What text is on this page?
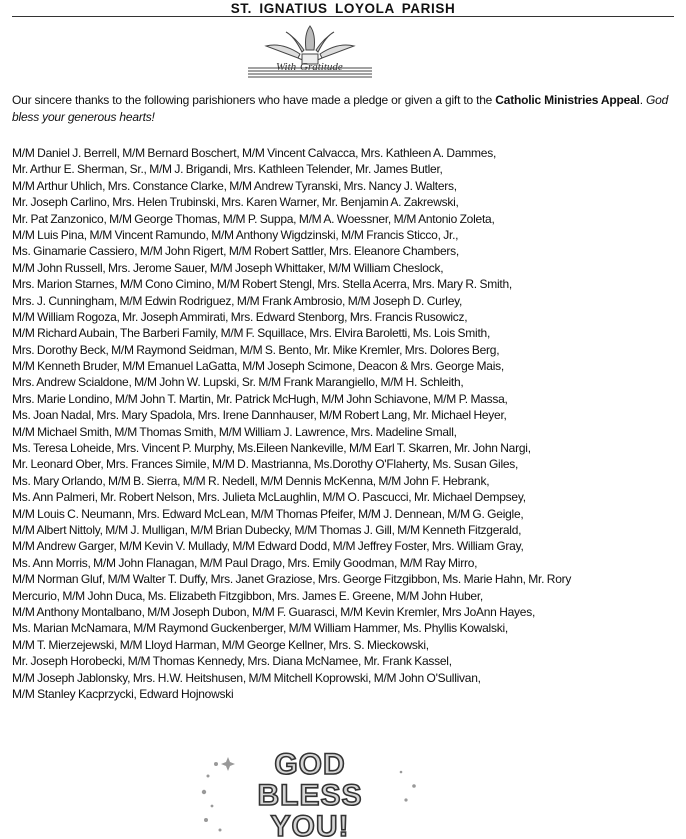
ST. IGNATIUS LOYOLA PARISH
With Gratitude
Our sincere thanks to the following parishioners who have made a pledge or given a gift to the Catholic Ministries Appeal. God bless your generous hearts!
M/M Daniel J. Berrell, M/M Bernard Boschert, M/M Vincent Calvacca, Mrs. Kathleen A. Dammes,
Mr. Arthur E. Sherman, Sr., M/M J. Brigandi, Mrs. Kathleen Telender, Mr. James Butler,
M/M Arthur Uhlich, Mrs. Constance Clarke, M/M Andrew Tyranski, Mrs. Nancy J. Walters,
Mr. Joseph Carlino, Mrs. Helen Trubinski, Mrs. Karen Warner, Mr. Benjamin A. Zakrewski,
Mr. Pat Zanzonico, M/M George Thomas, M/M P. Suppa, M/M A. Woessner, M/M Antonio Zoleta,
M/M Luis Pina, M/M Vincent Ramundo, M/M Anthony Wigdzinski, M/M Francis Sticco, Jr.,
Ms. Ginamarie Cassiero, M/M John Rigert, M/M Robert Sattler, Mrs. Eleanore Chambers,
M/M John Russell, Mrs. Jerome Sauer, M/M Joseph Whittaker, M/M William Cheslock,
Mrs. Marion Starnes, M/M Cono Cimino, M/M Robert Stengl, Mrs. Stella Acerra, Mrs. Mary R. Smith,
Mrs. J. Cunningham, M/M Edwin Rodriguez, M/M Frank Ambrosio, M/M Joseph D. Curley,
M/M William Rogoza, Mr. Joseph Ammirati, Mrs. Edward Stenborg, Mrs. Francis Rusowicz,
M/M Richard Aubain, The Barberi Family, M/M F. Squillace, Mrs. Elvira Baroletti, Ms. Lois Smith,
Mrs. Dorothy Beck, M/M Raymond Seidman, M/M S. Bento, Mr. Mike Kremler, Mrs. Dolores Berg,
M/M Kenneth Bruder, M/M Emanuel LaGatta, M/M Joseph Scimone, Deacon & Mrs. George Mais,
Mrs. Andrew Scialdone, M/M John W. Lupski, Sr. M/M Frank Marangiello, M/M H. Schleith,
Mrs. Marie Londino, M/M John T. Martin, Mr. Patrick McHugh, M/M John Schiavone, M/M P. Massa,
Ms. Joan Nadal, Mrs. Mary Spadola, Mrs. Irene Dannhauser, M/M Robert Lang, Mr. Michael Heyer,
M/M Michael Smith, M/M Thomas Smith, M/M William J. Lawrence, Mrs. Madeline Small,
Ms. Teresa Loheide, Mrs. Vincent P. Murphy, Ms.Eileen Nankeville, M/M Earl T. Skarren, Mr. John Nargi,
Mr. Leonard Ober, Mrs. Frances Simile, M/M D. Mastrianna, Ms.Dorothy O'Flaherty, Ms. Susan Giles,
Ms. Mary Orlando, M/M B. Sierra, M/M R. Nedell, M/M Dennis McKenna, M/M John F. Hebrank,
Ms. Ann Palmeri, Mr. Robert Nelson, Mrs. Julieta McLaughlin, M/M O. Pascucci, Mr. Michael Dempsey,
M/M Louis C. Neumann, Mrs. Edward McLean, M/M Thomas Pfeifer, M/M J. Dennean, M/M G. Geigle,
M/M Albert Nittoly, M/M J. Mulligan, M/M Brian Dubecky, M/M Thomas J. Gill, M/M Kenneth Fitzgerald,
M/M Andrew Garger, M/M Kevin V. Mullady, M/M Edward Dodd, M/M Jeffrey Foster, Mrs. William Gray,
Ms. Ann Morris, M/M John Flanagan, M/M Paul Drago, Mrs. Emily Goodman, M/M Ray Mirro,
M/M Norman Gluf, M/M Walter T. Duffy, Mrs. Janet Graziose, Mrs. George Fitzgibbon, Ms. Marie Hahn, Mr. Rory
Mercurio, M/M John Duca, Ms. Elizabeth Fitzgibbon, Mrs. James E. Greene, M/M John Huber,
M/M Anthony Montalbano, M/M Joseph Dubon, M/M F. Guarasci, M/M Kevin Kremler, Mrs JoAnn Hayes,
Ms. Marian McNamara, M/M Raymond Guckenberger, M/M William Hammer, Ms. Phyllis Kowalski,
M/M T. Mierzejewski, M/M Lloyd Harman, M/M George Kellner, Mrs. S. Mieckowski,
Mr. Joseph Horobecki, M/M Thomas Kennedy, Mrs. Diana McNamee, Mr. Frank Kassel,
M/M Joseph Jablonsky, Mrs. H.W. Heitshusen, M/M Mitchell Koprowski, M/M John O'Sullivan,
M/M Stanley Kacprzycki, Edward Hojnowski
GOD
BLESS
YOU!
